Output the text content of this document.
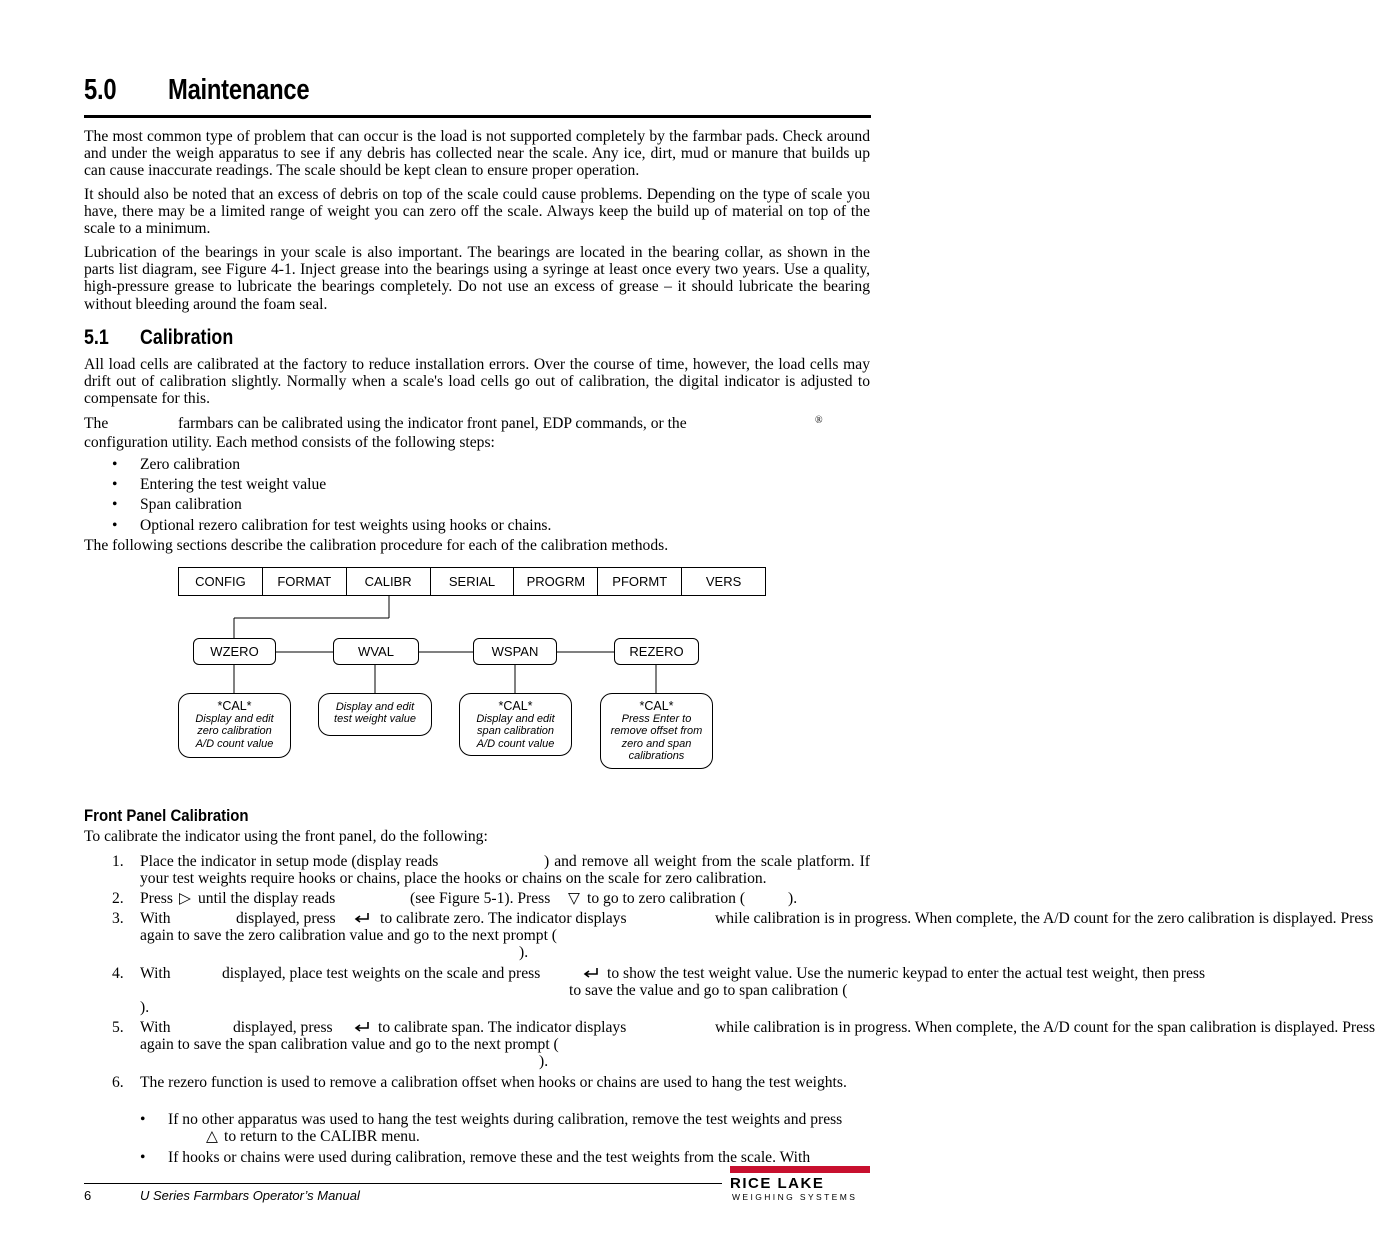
5.0 Maintenance
The most common type of problem that can occur is the load is not supported completely by the farmbar pads. Check around and under the weigh apparatus to see if any debris has collected near the scale. Any ice, dirt, mud or manure that builds up can cause inaccurate readings. The scale should be kept clean to ensure proper operation.
It should also be noted that an excess of debris on top of the scale could cause problems. Depending on the type of scale you have, there may be a limited range of weight you can zero off the scale. Always keep the build up of material on top of the scale to a minimum.
Lubrication of the bearings in your scale is also important. The bearings are located in the bearing collar, as shown in the parts list diagram, see Figure 4-1. Inject grease into the bearings using a syringe at least once every two years. Use a quality, high-pressure grease to lubricate the bearings completely. Do not use an excess of grease – it should lubricate the bearing without bleeding around the foam seal.
5.1 Calibration
All load cells are calibrated at the factory to reduce installation errors. Over the course of time, however, the load cells may drift out of calibration slightly. Normally when a scale's load cells go out of calibration, the digital indicator is adjusted to compensate for this.
The	farmbars can be calibrated using the indicator front panel, EDP commands, or the	®
configuration utility. Each method consists of the following steps:
• Zero calibration
• Entering the test weight value
• Span calibration
• Optional rezero calibration for test weights using hooks or chains.
The following sections describe the calibration procedure for each of the calibration methods.
CONFIG	FORMAT	CALIBR	SERIAL	PROGRM	PFORMT	VERS
WZERO	WVAL	WSPAN	REZERO
*CAL*
Display and edit
zero calibration
A/D count value
Display and edit
test weight value
*CAL*
Display and edit
span calibration
A/D count value
*CAL*
Press Enter to
remove offset from
zero and span
calibrations
Front Panel Calibration
To calibrate the indicator using the front panel, do the following:
1. Place the indicator in setup mode (display reads	) and remove all weight from the scale platform. If your test weights require hooks or chains, place the hooks or chains on the scale for zero calibration.
2. Press ▷ until the display reads	(see Figure 5-1). Press ▽ to go to zero calibration (	).
3. With	displayed, press	to calibrate zero. The indicator displays	while calibration is in progress. When complete, the A/D count for the zero calibration is displayed. Press
again to save the zero calibration value and go to the next prompt (
).
4. With	displayed, place test weights on the scale and press	to show the test weight value. Use the numeric keypad to enter the actual test weight, then press
to save the value and go to span calibration (
).
5. With	displayed, press	to calibrate span. The indicator displays	while calibration is in progress. When complete, the A/D count for the span calibration is displayed. Press
again to save the span calibration value and go to the next prompt (
).
6. The rezero function is used to remove a calibration offset when hooks or chains are used to hang the test weights.
• If no other apparatus was used to hang the test weights during calibration, remove the test weights and press
△ to return to the CALIBR menu.
• If hooks or chains were used during calibration, remove these and the test weights from the scale. With
6	U Series Farmbars Operator’s Manual
RICE LAKE
WEIGHING SYSTEMS
